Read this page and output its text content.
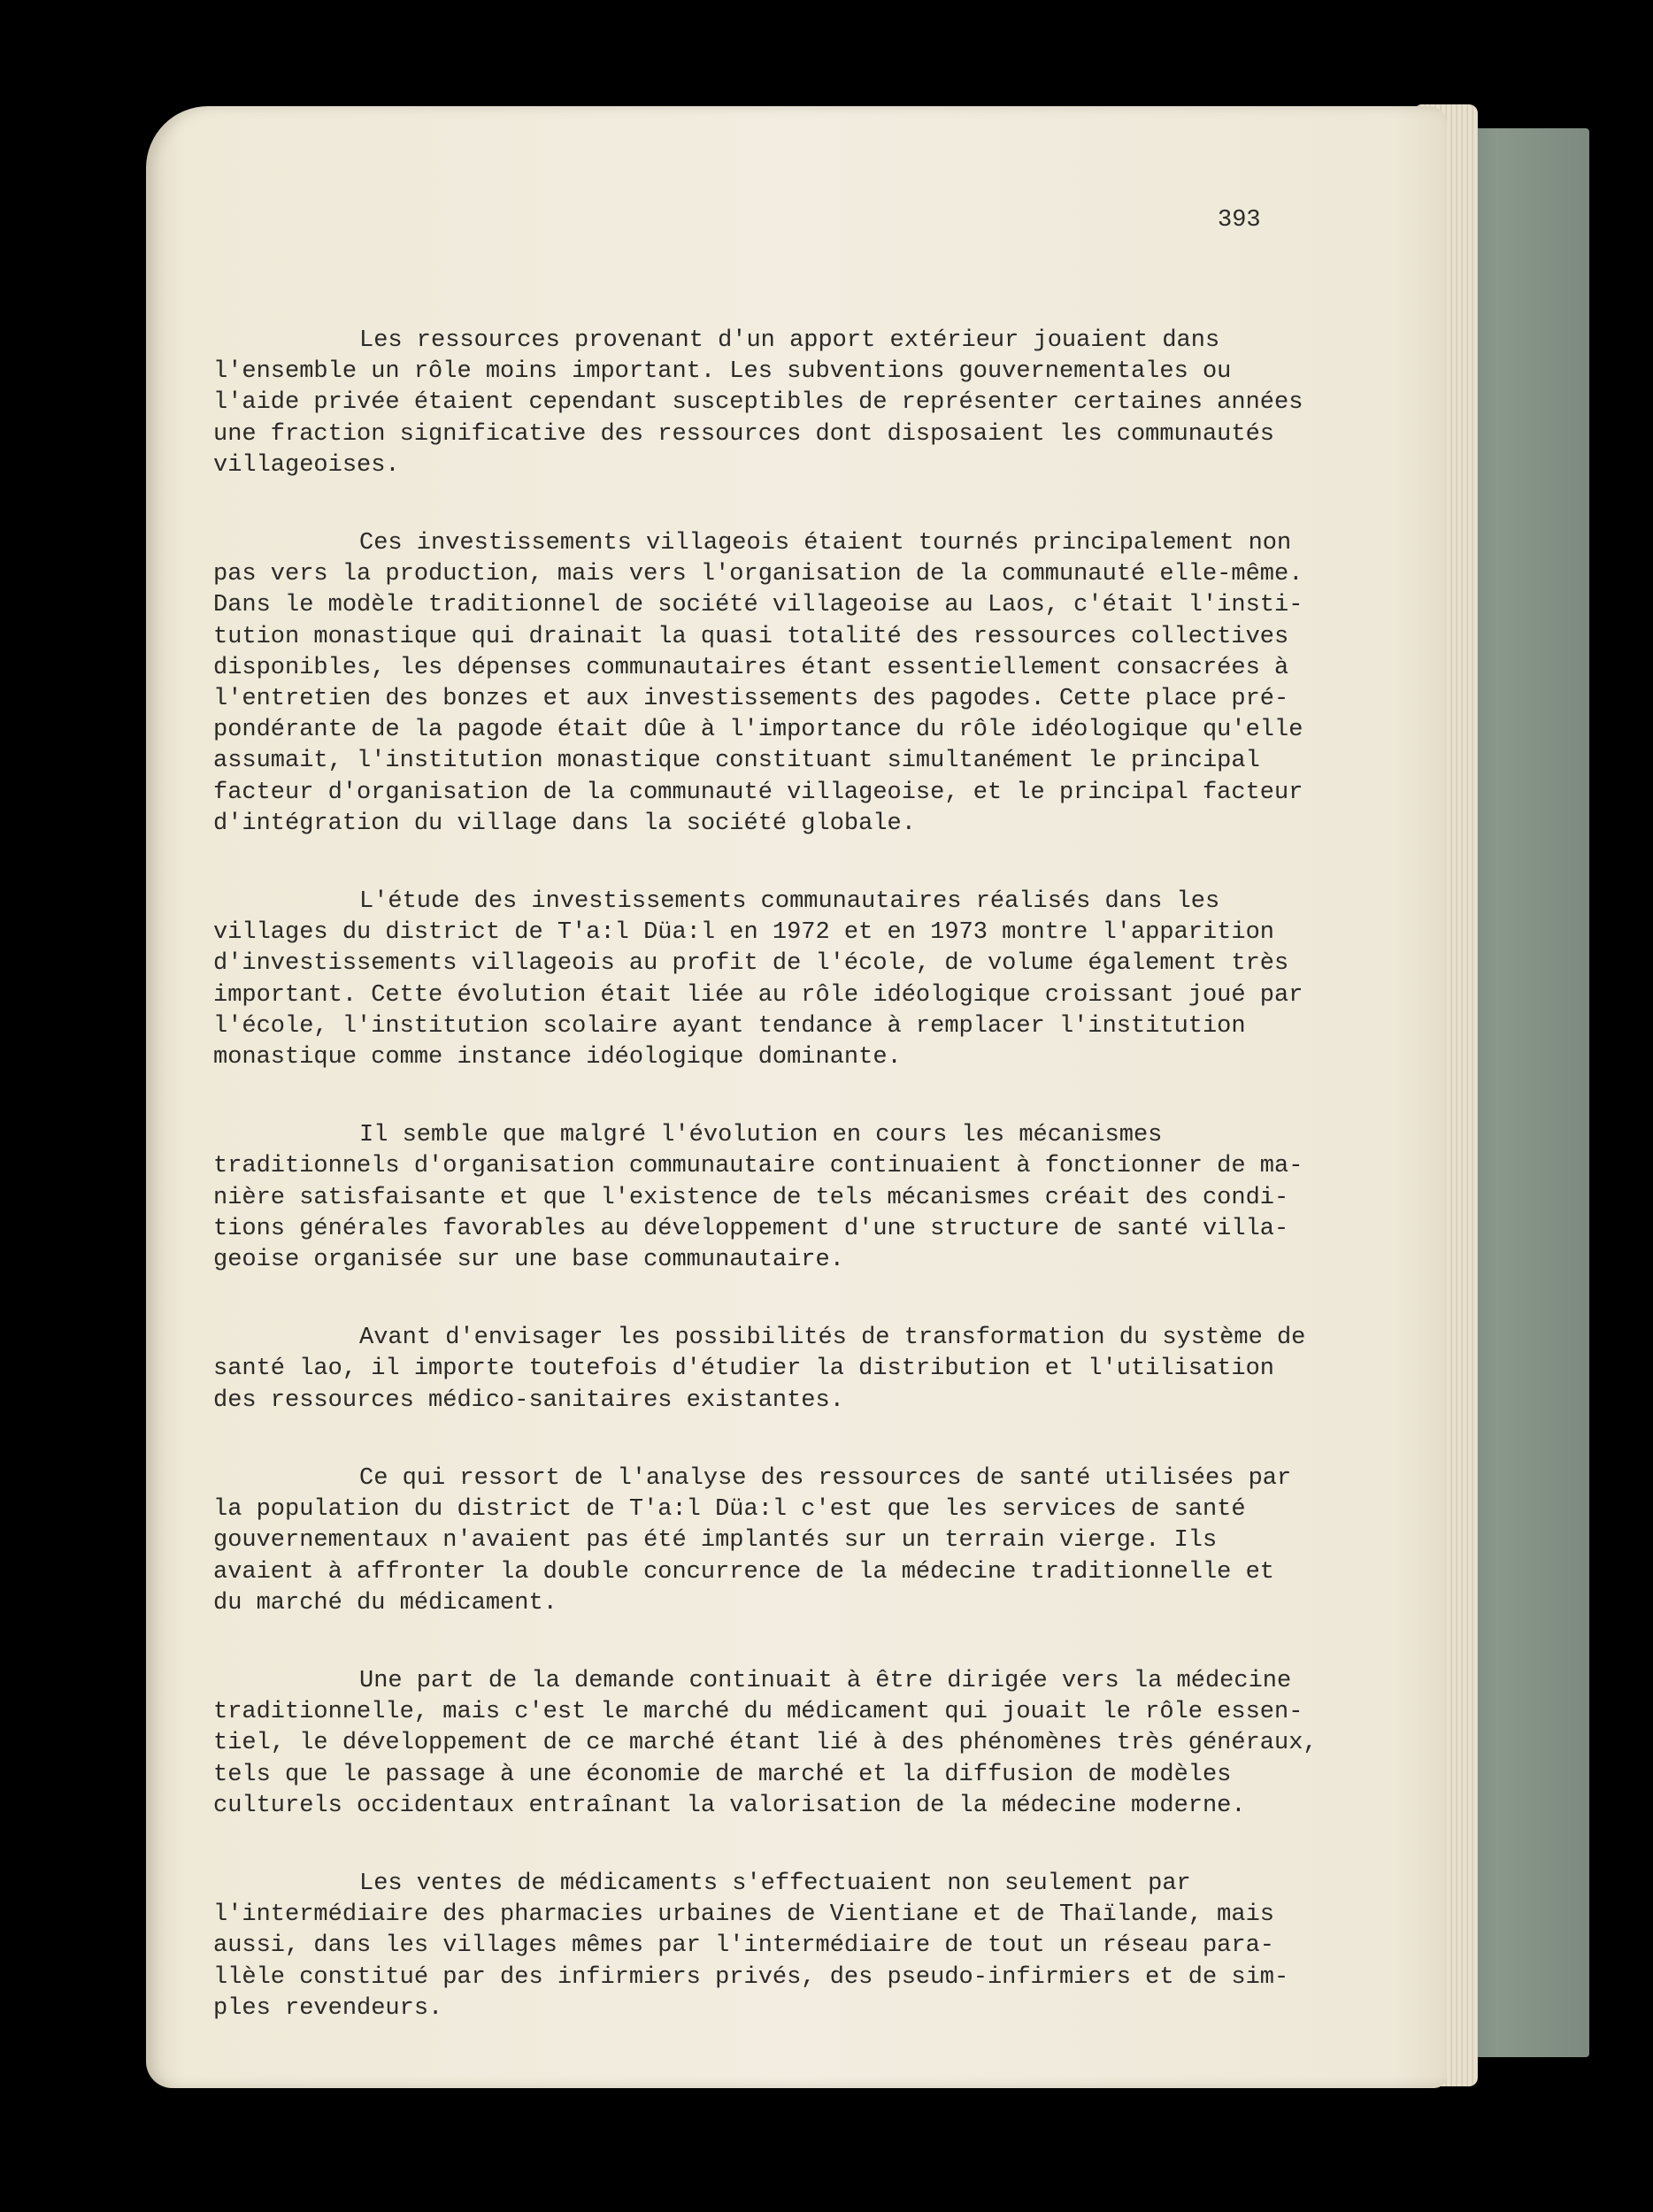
393

Les ressources provenant d'un apport extérieur jouaient dans
l'ensemble un rôle moins important. Les subventions gouvernementales ou
l'aide privée étaient cependant susceptibles de représenter certaines années
une fraction significative des ressources dont disposaient les communautés
villageoises.
Ces investissements villageois étaient tournés principalement non
pas vers la production, mais vers l'organisation de la communauté elle-même.
Dans le modèle traditionnel de société villageoise au Laos, c'était l'insti-
tution monastique qui drainait la quasi totalité des ressources collectives
disponibles, les dépenses communautaires étant essentiellement consacrées à
l'entretien des bonzes et aux investissements des pagodes. Cette place pré-
pondérante de la pagode était dûe à l'importance du rôle idéologique qu'elle
assumait, l'institution monastique constituant simultanément le principal
facteur d'organisation de la communauté villageoise, et le principal facteur
d'intégration du village dans la société globale.
L'étude des investissements communautaires réalisés dans les
villages du district de T'a:l Düa:l en 1972 et en 1973 montre l'apparition
d'investissements villageois au profit de l'école, de volume également très
important. Cette évolution était liée au rôle idéologique croissant joué par
l'école, l'institution scolaire ayant tendance à remplacer l'institution
monastique comme instance idéologique dominante.
Il semble que malgré l'évolution en cours les mécanismes
traditionnels d'organisation communautaire continuaient à fonctionner de ma-
nière satisfaisante et que l'existence de tels mécanismes créait des condi-
tions générales favorables au développement d'une structure de santé villa-
geoise organisée sur une base communautaire.
Avant d'envisager les possibilités de transformation du système de
santé lao, il importe toutefois d'étudier la distribution et l'utilisation
des ressources médico-sanitaires existantes.
Ce qui ressort de l'analyse des ressources de santé utilisées par
la population du district de T'a:l Düa:l c'est que les services de santé
gouvernementaux n'avaient pas été implantés sur un terrain vierge. Ils
avaient à affronter la double concurrence de la médecine traditionnelle et
du marché du médicament.
Une part de la demande continuait à être dirigée vers la médecine
traditionnelle, mais c'est le marché du médicament qui jouait le rôle essen-
tiel, le développement de ce marché étant lié à des phénomènes très généraux,
tels que le passage à une économie de marché et la diffusion de modèles
culturels occidentaux entraînant la valorisation de la médecine moderne.
Les ventes de médicaments s'effectuaient non seulement par
l'intermédiaire des pharmacies urbaines de Vientiane et de Thaïlande, mais
aussi, dans les villages mêmes par l'intermédiaire de tout un réseau para-
llèle constitué par des infirmiers privés, des pseudo-infirmiers et de sim-
ples revendeurs.
